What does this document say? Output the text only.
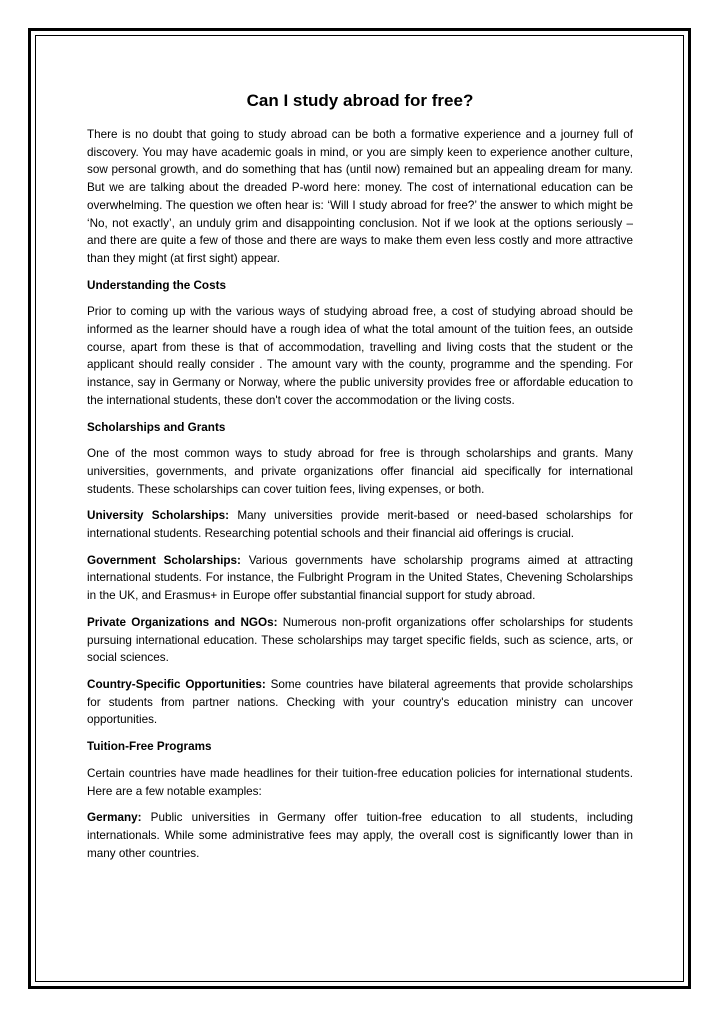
Can I study abroad for free?

There is no doubt that going to study abroad can be both a formative experience and a journey full of discovery. You may have academic goals in mind, or you are simply keen to experience another culture, sow personal growth, and do something that has (until now) remained but an appealing dream for many. But we are talking about the dreaded P-word here: money. The cost of international education can be overwhelming. The question we often hear is: ‘Will I study abroad for free?’ the answer to which might be ‘No, not exactly’, an unduly grim and disappointing conclusion. Not if we look at the options seriously – and there are quite a few of those and there are ways to make them even less costly and more attractive than they might (at first sight) appear.

Understanding the Costs

Prior to coming up with the various ways of studying abroad free, a cost of studying abroad should be informed as the learner should have a rough idea of what the total amount of the tuition fees, an outside course, apart from these is that of accommodation, travelling and living costs that the student or the applicant should really consider . The amount vary with the county, programme and the spending. For instance, say in Germany or Norway, where the public university provides free or affordable education to the international students, these don't cover the accommodation or the living costs.

Scholarships and Grants

One of the most common ways to study abroad for free is through scholarships and grants. Many universities, governments, and private organizations offer financial aid specifically for international students. These scholarships can cover tuition fees, living expenses, or both.

University Scholarships: Many universities provide merit-based or need-based scholarships for international students. Researching potential schools and their financial aid offerings is crucial.

Government Scholarships: Various governments have scholarship programs aimed at attracting international students. For instance, the Fulbright Program in the United States, Chevening Scholarships in the UK, and Erasmus+ in Europe offer substantial financial support for study abroad.

Private Organizations and NGOs: Numerous non-profit organizations offer scholarships for students pursuing international education. These scholarships may target specific fields, such as science, arts, or social sciences.

Country-Specific Opportunities: Some countries have bilateral agreements that provide scholarships for students from partner nations. Checking with your country's education ministry can uncover opportunities.

Tuition-Free Programs

Certain countries have made headlines for their tuition-free education policies for international students. Here are a few notable examples:

Germany: Public universities in Germany offer tuition-free education to all students, including internationals. While some administrative fees may apply, the overall cost is significantly lower than in many other countries.
